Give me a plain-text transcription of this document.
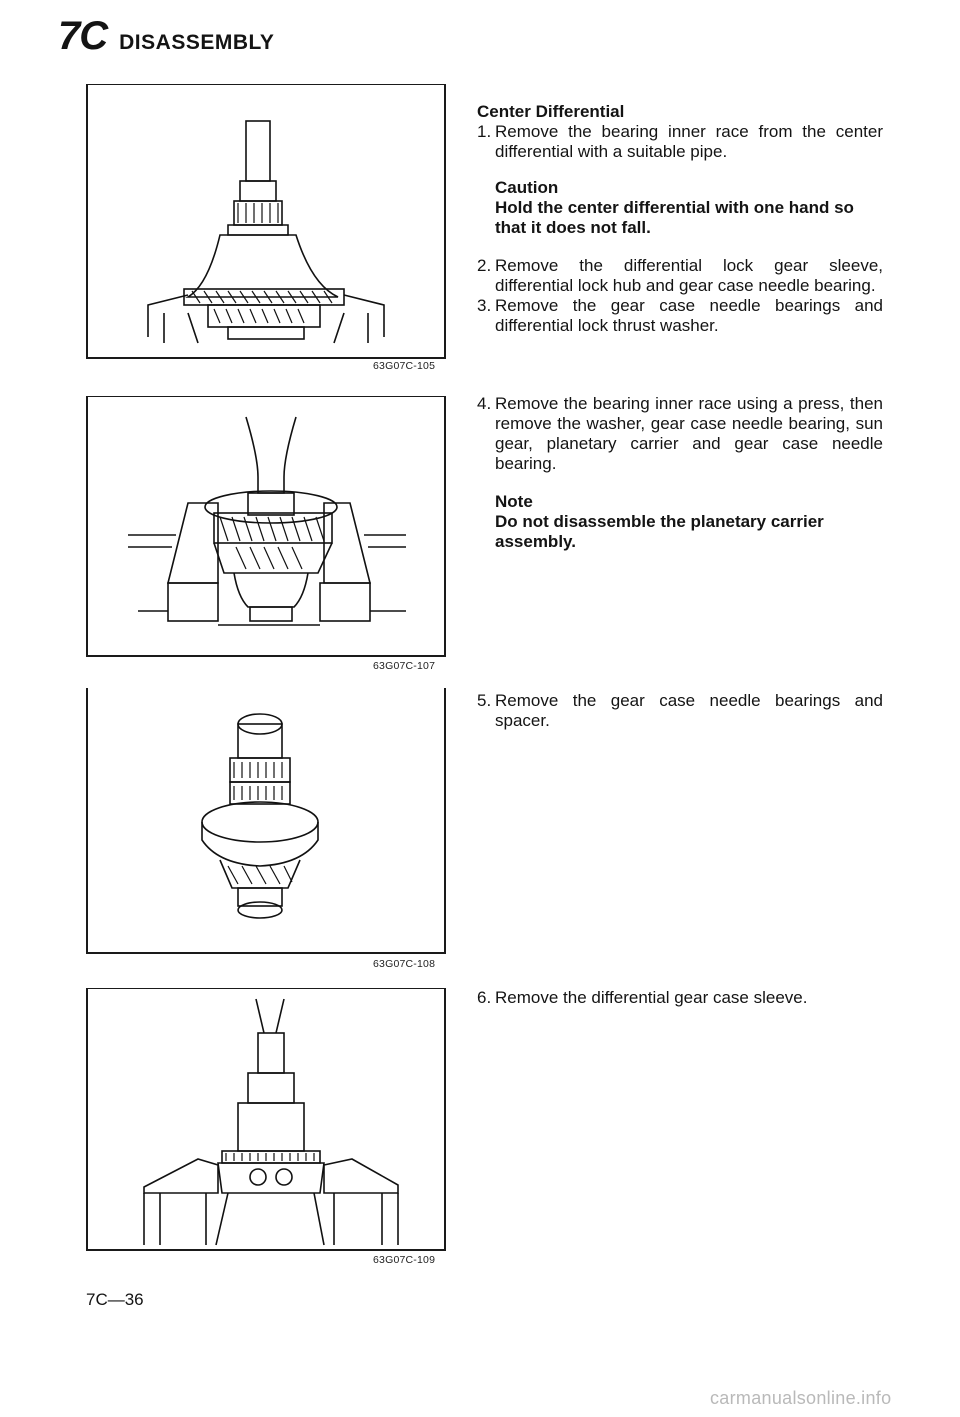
7C DISASSEMBLY
63G07C-105
63G07C-107
63G07C-108
63G07C-109
Center Differential
1. Remove the bearing inner race from the center differential with a suitable pipe.
Caution
Hold the center differential with one hand so that it does not fall.
2. Remove the differential lock gear sleeve, differential lock hub and gear case needle bearing.
3. Remove the gear case needle bearings and differential lock thrust washer.
4. Remove the bearing inner race using a press, then remove the washer, gear case needle bearing, sun gear, planetary carrier and gear case needle bearing.
Note
Do not disassemble the planetary carrier assembly.
5. Remove the gear case needle bearings and spacer.
6. Remove the differential gear case sleeve.
7C—36
carmanualsonline.info
